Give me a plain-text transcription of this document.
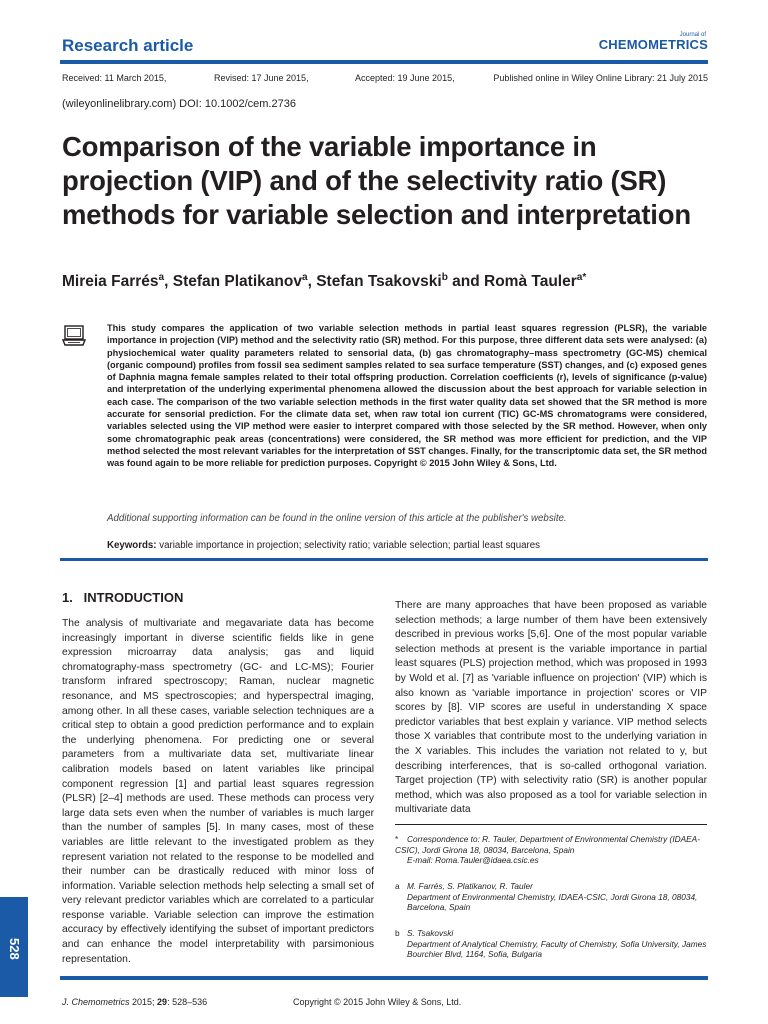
Research article
Journal of
CHEMOMETRICS
Received: 11 March 2015,	Revised: 17 June 2015,	Accepted: 19 June 2015,	Published online in Wiley Online Library: 21 July 2015
(wileyonlinelibrary.com) DOI: 10.1002/cem.2736
Comparison of the variable importance in projection (VIP) and of the selectivity ratio (SR) methods for variable selection and interpretation
Mireia Farrés$^a$, Stefan Platikanov$^a$, Stefan Tsakovski$^b$ and Romà Tauler$^{a*}$
This study compares the application of two variable selection methods in partial least squares regression (PLSR), the variable importance in projection (VIP) method and the selectivity ratio (SR) method. For this purpose, three different data sets were analysed: (a) physiochemical water quality parameters related to sensorial data, (b) gas chromatography–mass spectrometry (GC-MS) chemical (organic compound) profiles from fossil sea sediment samples related to sea surface temperature (SST) changes, and (c) exposed genes of Daphnia magna female samples related to their total offspring production. Correlation coefficients (r), levels of significance (p-value) and interpretation of the underlying experimental phenomena allowed the discussion about the best approach for variable selection in each case. The comparison of the two variable selection methods in the first water quality data set showed that the SR method is more accurate for sensorial prediction. For the climate data set, when raw total ion current (TIC) GC-MS chromatograms were considered, variables selected using the VIP method were easier to interpret compared with those selected by the SR method. However, when only some chromatographic peak areas (concentrations) were considered, the SR method was more efficient for prediction, and the VIP method selected the most relevant variables for the interpretation of SST changes. Finally, for the transcriptomic data set, the SR method was found again to be more reliable for prediction purposes. Copyright © 2015 John Wiley & Sons, Ltd.
Additional supporting information can be found in the online version of this article at the publisher's website.
Keywords: variable importance in projection; selectivity ratio; variable selection; partial least squares
1.   INTRODUCTION
The analysis of multivariate and megavariate data has become increasingly important in diverse scientific fields like in gene expression microarray data analysis; gas and liquid chromatography-mass spectrometry (GC- and LC-MS); Fourier transform infrared spectroscopy; Raman, nuclear magnetic resonance, and MS spectroscopies; and hyperspectral imaging, among other. In all these cases, variable selection techniques are a critical step to obtain a good prediction performance and to explain the underlying phenomena. For predicting one or several parameters from a multivariate data set, multivariate linear calibration models based on latent variables like principal component regression [1] and partial least squares regression (PLSR) [2–4] methods are used. These methods can process very large data sets even when the number of variables is much larger than the number of samples [5]. In many cases, most of these variables are little relevant to the investigated problem as they represent variation not related to the response to be modelled and their number can be drastically reduced with minor loss of information. Variable selection methods help selecting a small set of very relevant predictor variables which are correlated to a particular response variable. Variable selection can improve the estimation accuracy by effectively identifying the subset of important predictors and can enhance the model interpretability with parsimonious representation.
There are many approaches that have been proposed as variable selection methods; a large number of them have been extensively described in previous works [5,6]. One of the most popular variable selection methods at present is the variable importance in partial least squares (PLS) projection method, which was proposed in 1993 by Wold et al. [7] as 'variable influence on projection' (VIP) which is also known as 'variable importance in projection' scores or VIP scores by [8]. VIP scores are useful in understanding X space predictor variables that best explain y variance. VIP method selects those X variables that contribute most to the underlying variation in the X variables. This includes the variation not related to y, but describing interferences, that is so-called orthogonal variation. Target projection (TP) with selectivity ratio (SR) is another popular method, which was also proposed as a tool for variable selection in multivariate data
* Correspondence to: R. Tauler, Department of Environmental Chemistry (IDAEA-CSIC), Jordi Girona 18, 08034, Barcelona, Spain
E-mail: Roma.Tauler@idaea.csic.es
a M. Farrés, S. Platikanov, R. Tauler

Department of Environmental Chemistry, IDAEA-CSIC, Jordi Girona 18, 08034, Barcelona, Spain
b S. Tsakovski

Department of Analytical Chemistry, Faculty of Chemistry, Sofia University, James Bourchier Blvd, 1164, Sofia, Bulgaria
528
J. Chemometrics 2015; 29: 528–536	Copyright © 2015 John Wiley & Sons, Ltd.
